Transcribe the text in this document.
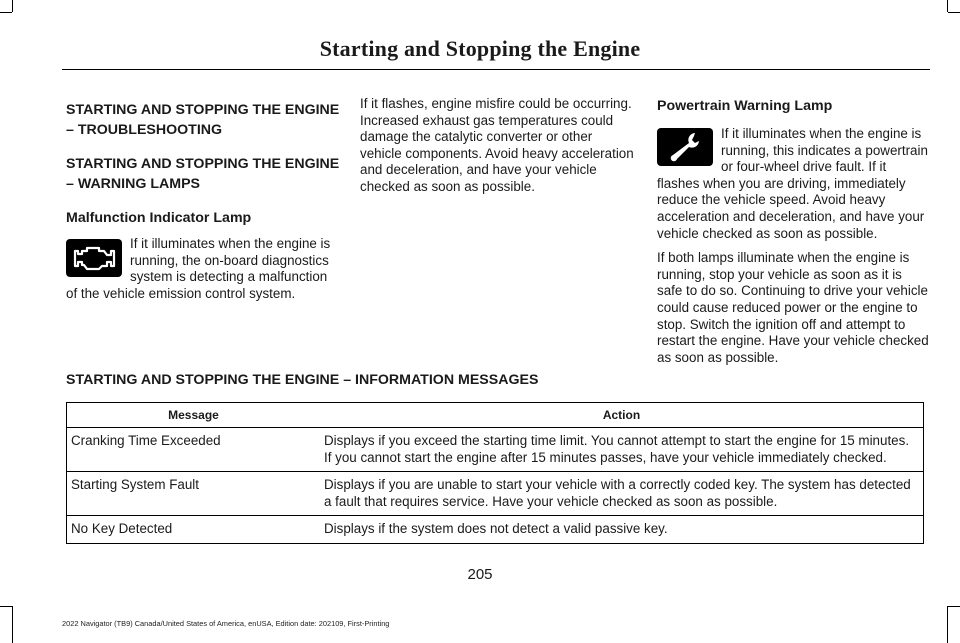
Starting and Stopping the Engine
STARTING AND STOPPING THE ENGINE – TROUBLESHOOTING
STARTING AND STOPPING THE ENGINE – WARNING LAMPS
Malfunction Indicator Lamp
If it illuminates when the engine is running, the on-board diagnostics system is detecting a malfunction of the vehicle emission control system.

If it flashes, engine misfire could be occurring. Increased exhaust gas temperatures could damage the catalytic converter or other vehicle components. Avoid heavy acceleration and deceleration, and have your vehicle checked as soon as possible.

Powertrain Warning Lamp

If it illuminates when the engine is running, this indicates a powertrain or four-wheel drive fault. If it flashes when you are driving, immediately reduce the vehicle speed. Avoid heavy acceleration and deceleration, and have your vehicle checked as soon as possible.

If both lamps illuminate when the engine is running, stop your vehicle as soon as it is safe to do so. Continuing to drive your vehicle could cause reduced power or the engine to stop. Switch the ignition off and attempt to restart the engine. Have your vehicle checked as soon as possible.

STARTING AND STOPPING THE ENGINE – INFORMATION MESSAGES
Message	Action
Cranking Time Exceeded	Displays if you exceed the starting time limit. You cannot attempt to start the engine for 15 minutes. If you cannot start the engine after 15 minutes passes, have your vehicle immediately checked.
Starting System Fault	Displays if you are unable to start your vehicle with a correctly coded key. The system has detected a fault that requires service. Have your vehicle checked as soon as possible.
No Key Detected	Displays if the system does not detect a valid passive key.
205
2022 Navigator (TB9) Canada/United States of America, enUSA, Edition date: 202109, First-Printing
